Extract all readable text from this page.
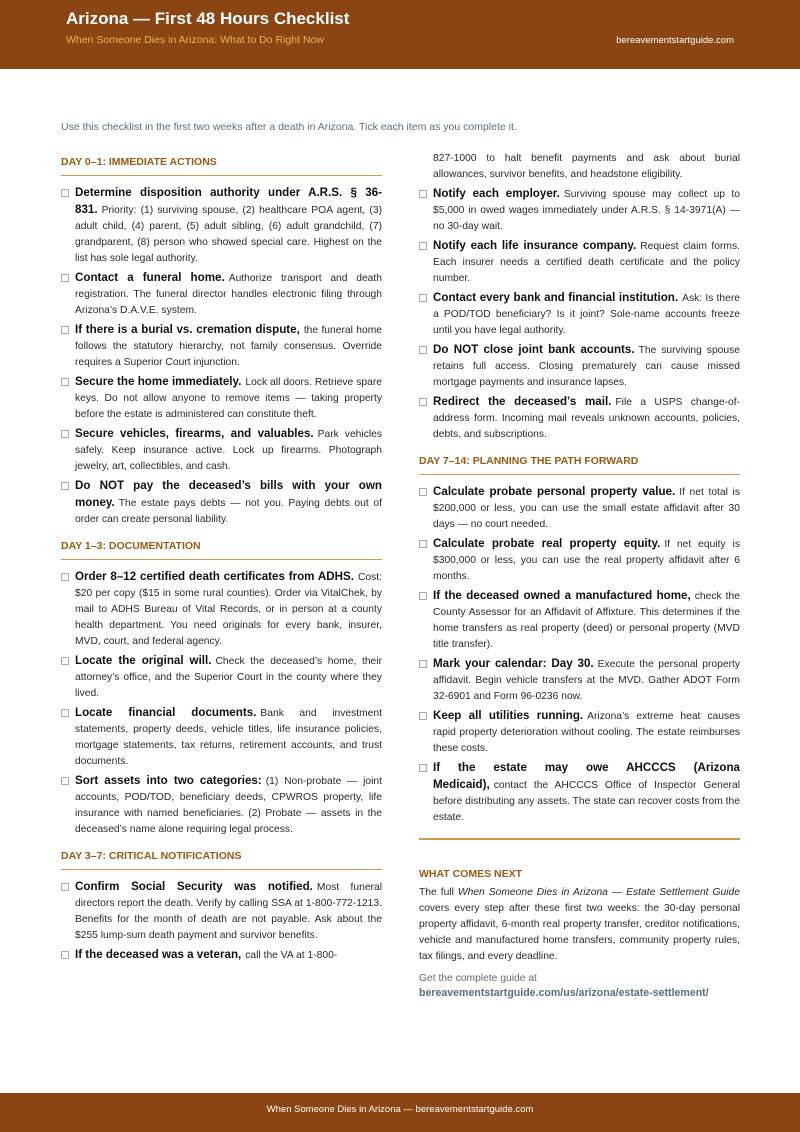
Arizona — First 48 Hours Checklist
When Someone Dies in Arizona: What to Do Right Now	bereavementstartguide.com
Use this checklist in the first two weeks after a death in Arizona. Tick each item as you complete it.
DAY 0–1: IMMEDIATE ACTIONS
Determine disposition authority under A.R.S. § 36-831. Priority: (1) surviving spouse, (2) healthcare POA agent, (3) adult child, (4) parent, (5) adult sibling, (6) adult grandchild, (7) grandparent, (8) person who showed special care. Highest on the list has sole legal authority.
Contact a funeral home. Authorize transport and death registration. The funeral director handles electronic filing through Arizona’s D.A.V.E. system.
If there is a burial vs. cremation dispute, the funeral home follows the statutory hierarchy, not family consensus. Override requires a Superior Court injunction.
Secure the home immediately. Lock all doors. Retrieve spare keys. Do not allow anyone to remove items — taking property before the estate is administered can constitute theft.
Secure vehicles, firearms, and valuables. Park vehicles safely. Keep insurance active. Lock up firearms. Photograph jewelry, art, collectibles, and cash.
Do NOT pay the deceased’s bills with your own money. The estate pays debts — not you. Paying debts out of order can create personal liability.
DAY 1–3: DOCUMENTATION
Order 8–12 certified death certificates from ADHS. Cost: $20 per copy ($15 in some rural counties). Order via VitalChek, by mail to ADHS Bureau of Vital Records, or in person at a county health department. You need originals for every bank, insurer, MVD, court, and federal agency.
Locate the original will. Check the deceased’s home, their attorney’s office, and the Superior Court in the county where they lived.
Locate financial documents. Bank and investment statements, property deeds, vehicle titles, life insurance policies, mortgage statements, tax returns, retirement accounts, and trust documents.
Sort assets into two categories: (1) Non-probate — joint accounts, POD/TOD, beneficiary deeds, CPWROS property, life insurance with named beneficiaries. (2) Probate — assets in the deceased’s name alone requiring legal process.
DAY 3–7: CRITICAL NOTIFICATIONS
Confirm Social Security was notified. Most funeral directors report the death. Verify by calling SSA at 1-800-772-1213. Benefits for the month of death are not payable. Ask about the $255 lump-sum death payment and survivor benefits.
If the deceased was a veteran, call the VA at 1-800-
827-1000 to halt benefit payments and ask about burial allowances, survivor benefits, and headstone eligibility.
Notify each employer. Surviving spouse may collect up to $5,000 in owed wages immediately under A.R.S. § 14-3971(A) — no 30-day wait.
Notify each life insurance company. Request claim forms. Each insurer needs a certified death certificate and the policy number.
Contact every bank and financial institution. Ask: Is there a POD/TOD beneficiary? Is it joint? Sole-name accounts freeze until you have legal authority.
Do NOT close joint bank accounts. The surviving spouse retains full access. Closing prematurely can cause missed mortgage payments and insurance lapses.
Redirect the deceased’s mail. File a USPS change-of-address form. Incoming mail reveals unknown accounts, policies, debts, and subscriptions.
DAY 7–14: PLANNING THE PATH FORWARD
Calculate probate personal property value. If net total is $200,000 or less, you can use the small estate affidavit after 30 days — no court needed.
Calculate probate real property equity. If net equity is $300,000 or less, you can use the real property affidavit after 6 months.
If the deceased owned a manufactured home, check the County Assessor for an Affidavit of Affixture. This determines if the home transfers as real property (deed) or personal property (MVD title transfer).
Mark your calendar: Day 30. Execute the personal property affidavit. Begin vehicle transfers at the MVD. Gather ADOT Form 32-6901 and Form 96-0236 now.
Keep all utilities running. Arizona’s extreme heat causes rapid property deterioration without cooling. The estate reimburses these costs.
If the estate may owe AHCCCS (Arizona Medicaid), contact the AHCCCS Office of Inspector General before distributing any assets. The state can recover costs from the estate.
WHAT COMES NEXT
The full When Someone Dies in Arizona — Estate Settlement Guide covers every step after these first two weeks: the 30-day personal property affidavit, 6-month real property transfer, creditor notifications, vehicle and manufactured home transfers, community property rules, tax filings, and every deadline.
Get the complete guide at
bereavementstartguide.com/us/arizona/estate-settlement/
When Someone Dies in Arizona — bereavementstartguide.com
